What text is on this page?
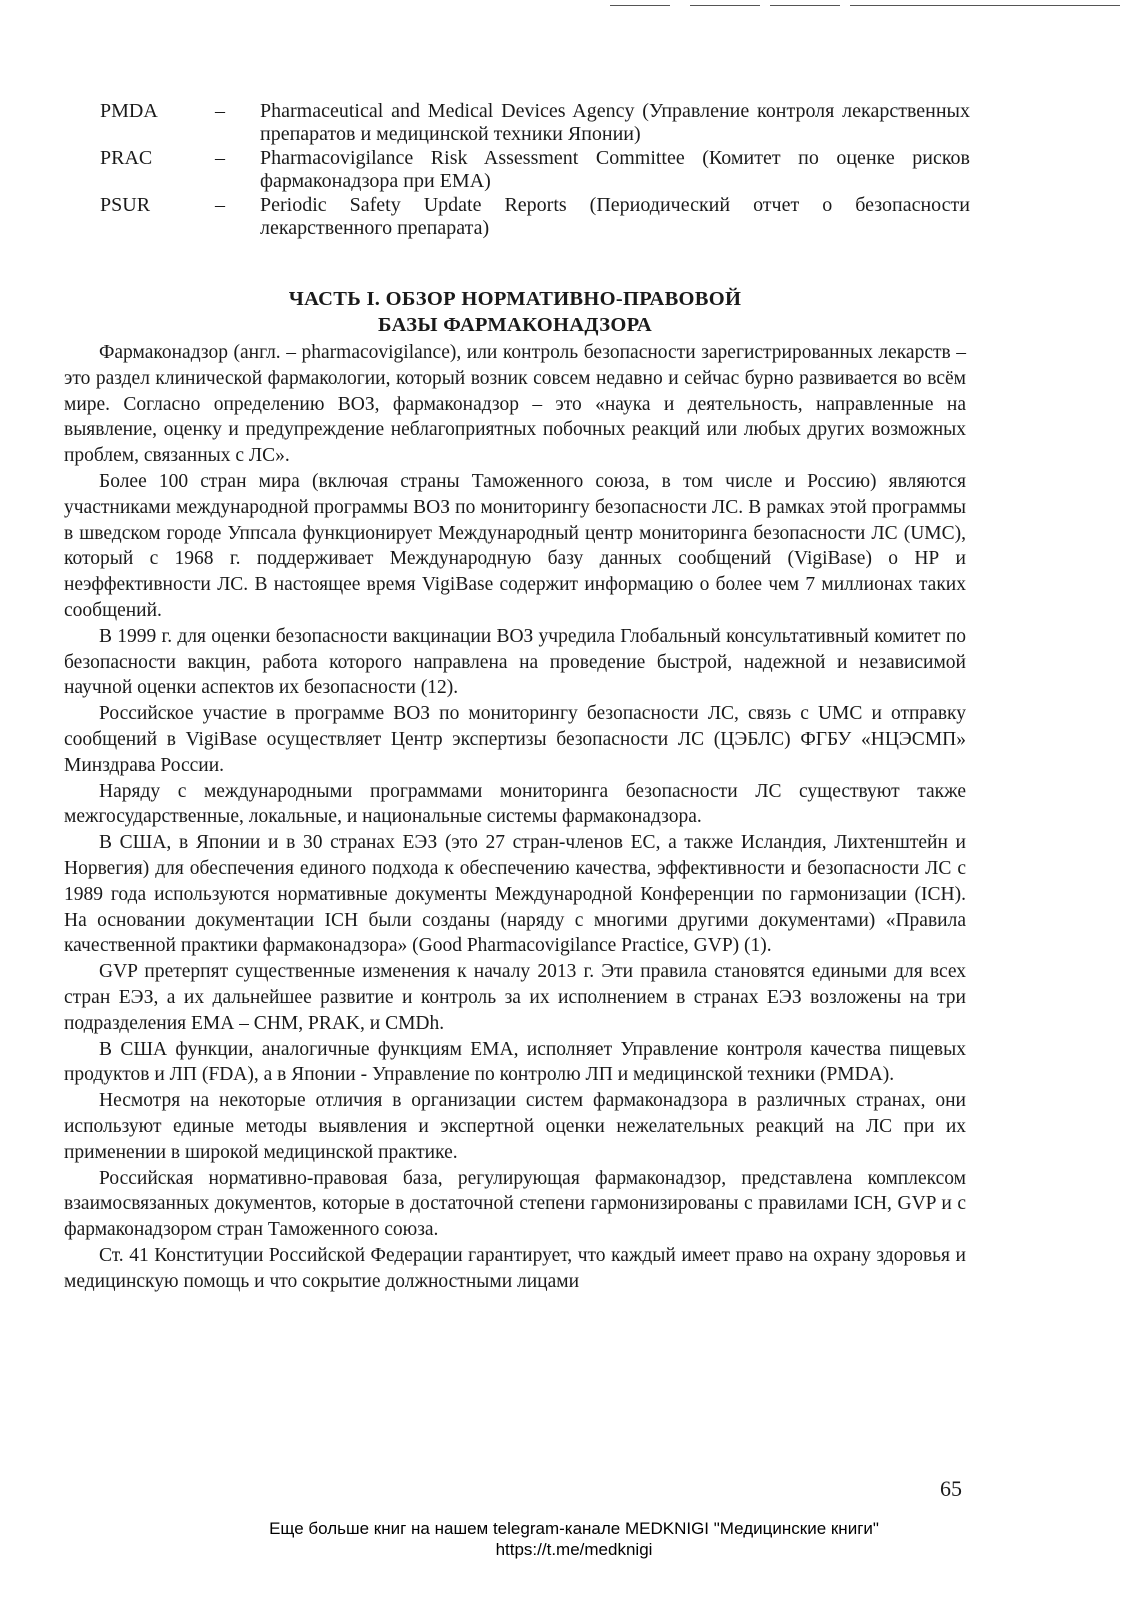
PMDA	–	Pharmaceutical and Medical Devices Agency (Управление контроля лекарственных препаратов и медицинской техники Японии)
PRAC	–	Pharmacovigilance Risk Assessment Committee (Комитет по оценке рисков фармаконадзора при ЕМА)
PSUR	–	Periodic Safety Update Reports (Периодический отчет о безопасности лекарственного препарата)
ЧАСТЬ I. ОБЗОР НОРМАТИВНО-ПРАВОВОЙ
БАЗЫ ФАРМАКОНАДЗОРА

Фармаконадзор (англ. – pharmacovigilance), или контроль безопасности зарегистрированных лекарств – это раздел клинической фармакологии, который возник совсем недавно и сейчас бурно развивается во всём мире. Согласно определению ВОЗ, фармаконадзор – это «наука и деятельность, направленные на выявление, оценку и предупреждение неблагоприятных побочных реакций или любых других возможных проблем, связанных с ЛС».

Более 100 стран мира (включая страны Таможенного союза, в том числе и Россию) являются участниками международной программы ВОЗ по мониторингу безопасности ЛС. В рамках этой программы в шведском городе Уппсала функционирует Международный центр мониторинга безопасности ЛС (UMC), который с 1968 г. поддерживает Международную базу данных сообщений (VigiBase) о НР и неэффективности ЛС. В настоящее время VigiBase содержит информацию о более чем 7 миллионах таких сообщений.

В 1999 г. для оценки безопасности вакцинации ВОЗ учредила Глобальный консультативный комитет по безопасности вакцин, работа которого направлена на проведение быстрой, надежной и независимой научной оценки аспектов их безопасности (12).

Российское участие в программе ВОЗ по мониторингу безопасности ЛС, связь с UMC и отправку сообщений в VigiBase осуществляет Центр экспертизы безопасности ЛС (ЦЭБЛС) ФГБУ «НЦЭСМП» Минздрава России.

Наряду с международными программами мониторинга безопасности ЛС существуют также межгосударственные, локальные, и национальные системы фармаконадзора.

В США, в Японии и в 30 странах ЕЭЗ (это 27 стран-членов ЕС, а также Исландия, Лихтенштейн и Норвегия) для обеспечения единого подхода к обеспечению качества, эффективности и безопасности ЛС с 1989 года используются нормативные документы Международной Конференции по гармонизации (ICH). На основании документации ICH были созданы (наряду с многими другими документами) «Правила качественной практики фармаконадзора» (Good Pharmacovigilance Practice, GVP) (1).

GVP претерпят существенные изменения к началу 2013 г. Эти правила становятся едиными для всех стран ЕЭЗ, а их дальнейшее развитие и контроль за их исполнением в странах ЕЭЗ возложены на три подразделения ЕМА – СНМ, PRAK, и CMDh.

В США функции, аналогичные функциям ЕМА, исполняет Управление контроля качества пищевых продуктов и ЛП (FDA), а в Японии - Управление по контролю ЛП и медицинской техники (PMDA).

Несмотря на некоторые отличия в организации систем фармаконадзора в различных странах, они используют единые методы выявления и экспертной оценки нежелательных реакций на ЛС при их применении в широкой медицинской практике.

Российская нормативно-правовая база, регулирующая фармаконадзор, представлена комплексом взаимосвязанных документов, которые в достаточной степени гармонизированы с правилами ICH, GVP и с фармаконадзором стран Таможенного союза.

Ст. 41 Конституции Российской Федерации гарантирует, что каждый имеет право на охрану здоровья и медицинскую помощь и что сокрытие должностными лицами

65
Еще больше книг на нашем telegram-канале MEDKNIGI "Медицинские книги"
https://t.me/medknigi
